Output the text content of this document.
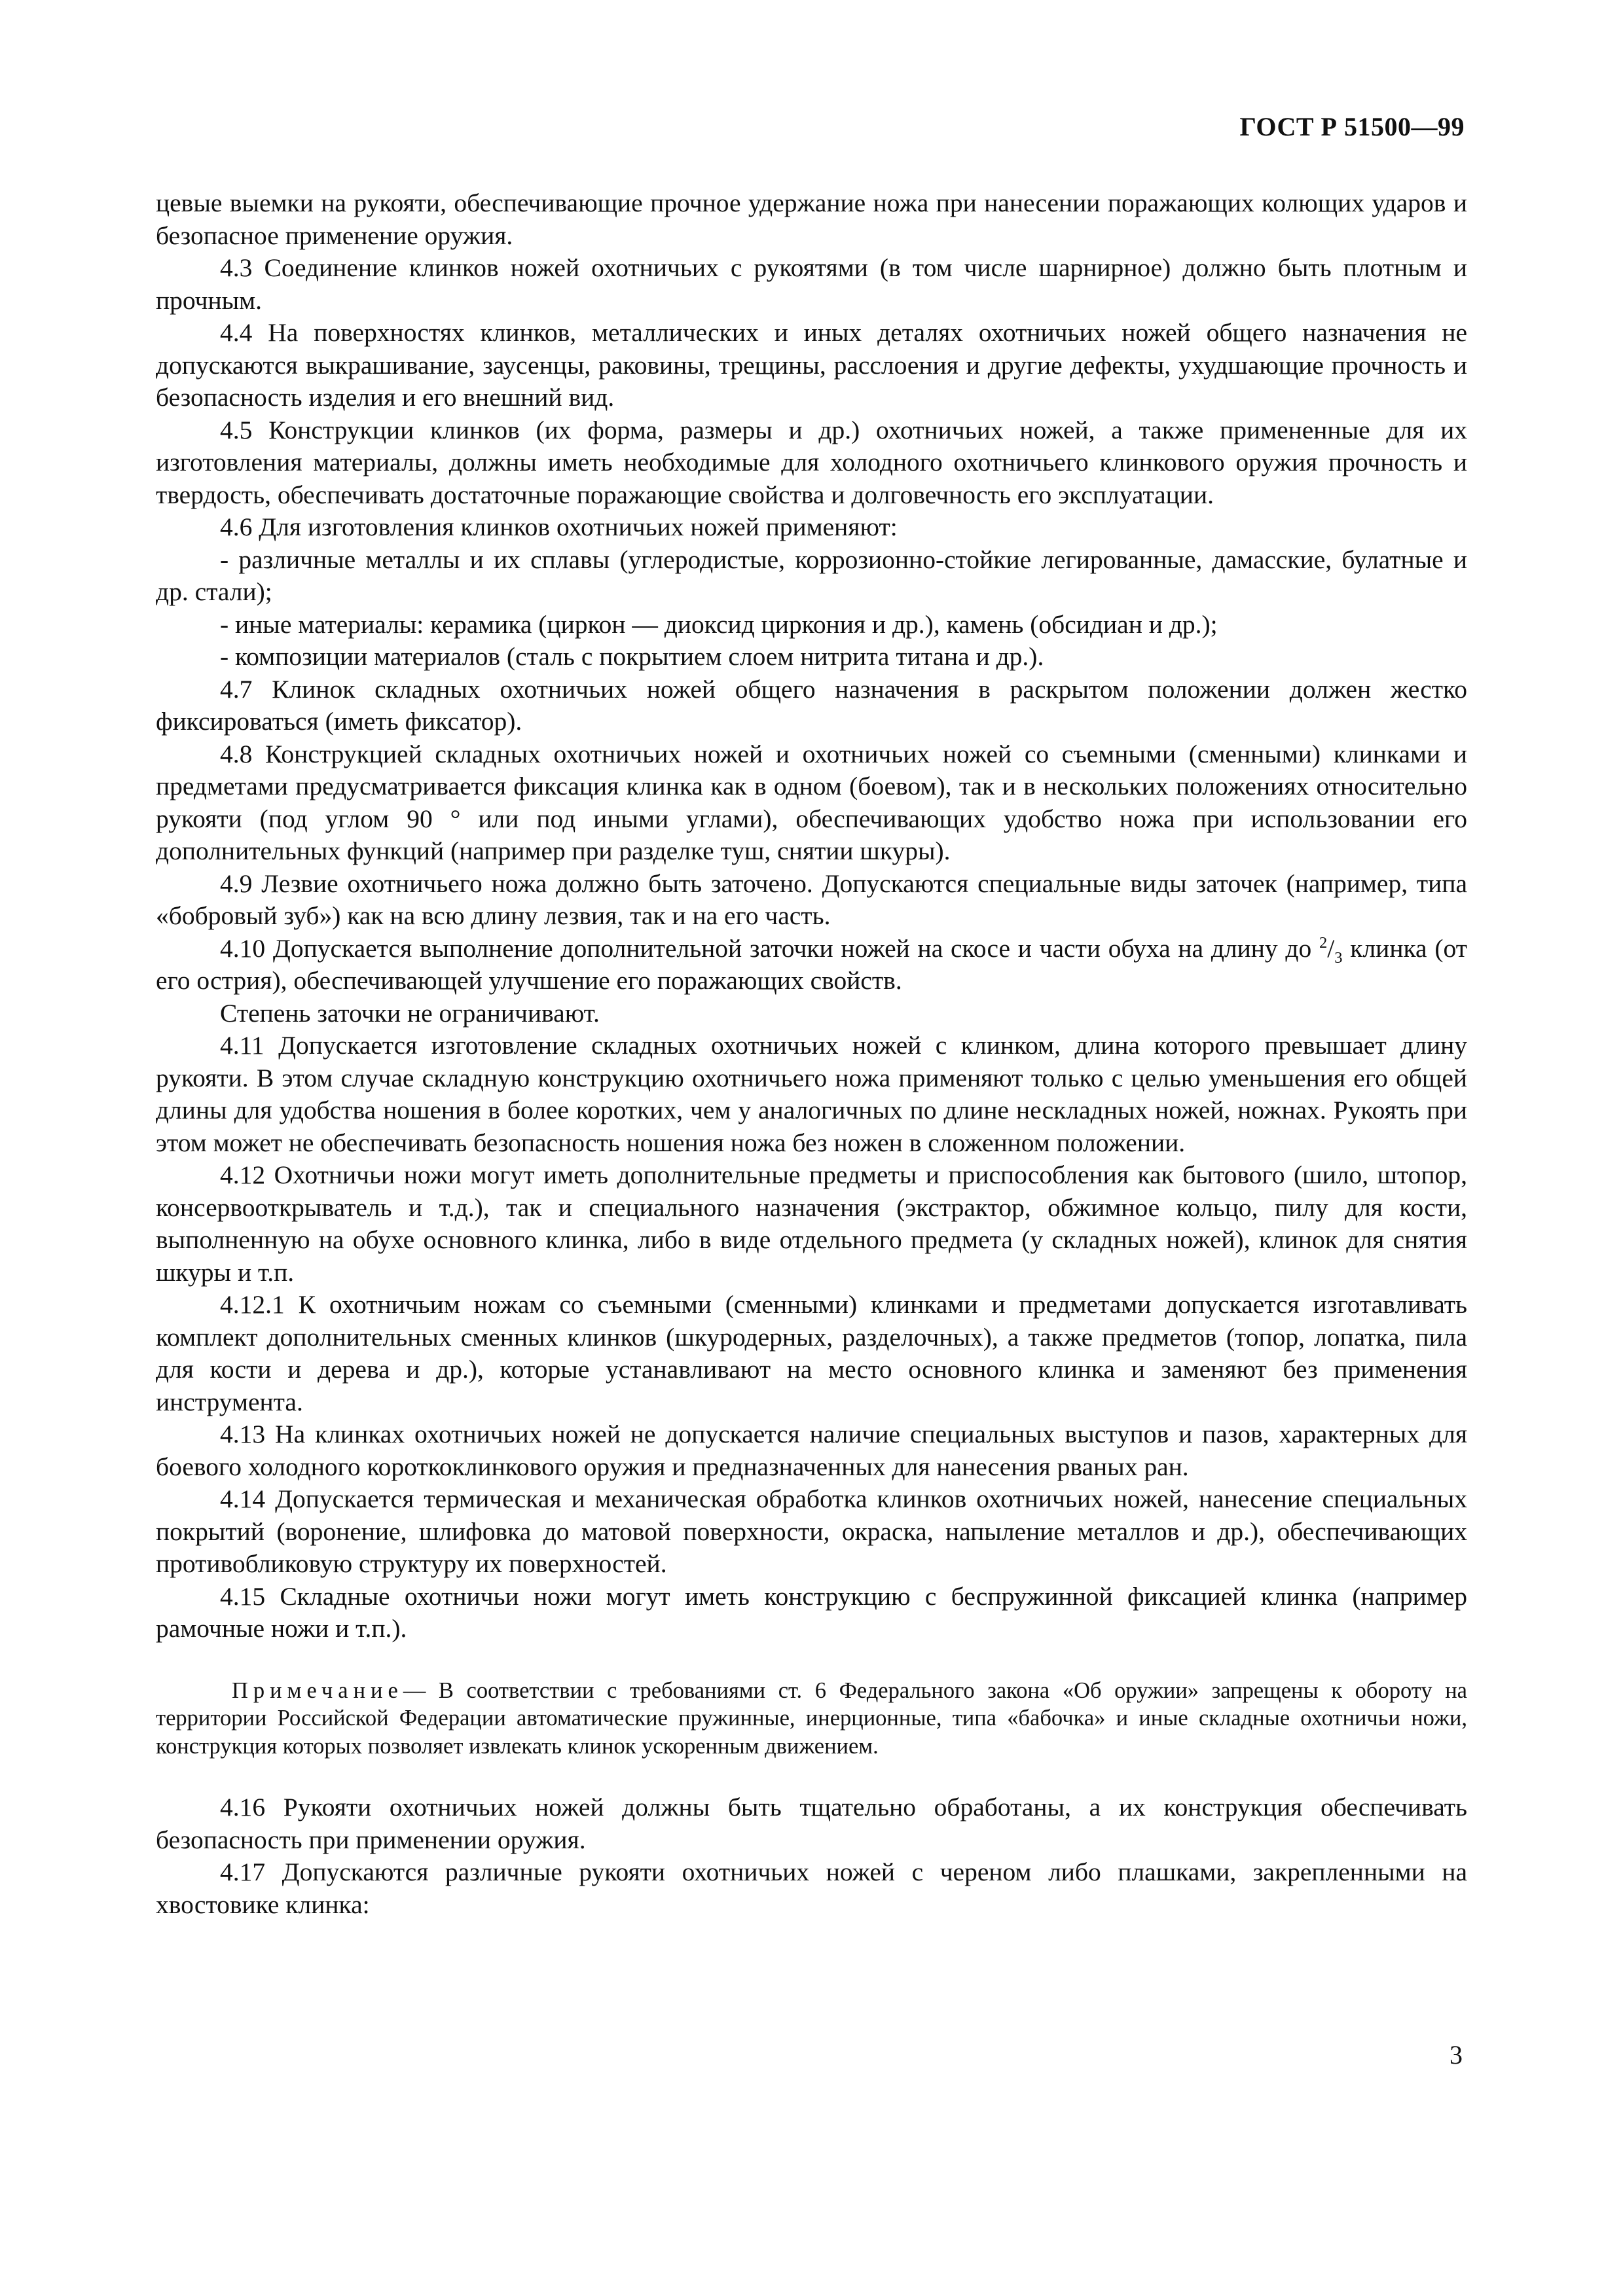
ГОСТ Р 51500—99

цевые выемки на рукояти, обеспечивающие прочное удержание ножа при нанесении поражающих колющих ударов и безопасное применение оружия.

4.3 Соединение клинков ножей охотничьих с рукоятями (в том числе шарнирное) должно быть плотным и прочным.

4.4 На поверхностях клинков, металлических и иных деталях охотничьих ножей общего назначения не допускаются выкрашивание, заусенцы, раковины, трещины, расслоения и другие дефекты, ухудшающие прочность и безопасность изделия и его внешний вид.

4.5 Конструкции клинков (их форма, размеры и др.) охотничьих ножей, а также примененные для их изготовления материалы, должны иметь необходимые для холодного охотничьего клинкового оружия прочность и твердость, обеспечивать достаточные поражающие свойства и долговечность его эксплуатации.

4.6 Для изготовления клинков охотничьих ножей применяют:

- различные металлы и их сплавы (углеродистые, коррозионно-стойкие легированные, дамасские, булатные и др. стали);

- иные материалы: керамика (циркон — диоксид циркония и др.), камень (обсидиан и др.);

- композиции материалов (сталь с покрытием слоем нитрита титана и др.).

4.7 Клинок складных охотничьих ножей общего назначения в раскрытом положении должен жестко фиксироваться (иметь фиксатор).

4.8 Конструкцией складных охотничьих ножей и охотничьих ножей со съемными (сменными) клинками и предметами предусматривается фиксация клинка как в одном (боевом), так и в нескольких положениях относительно рукояти (под углом 90 ° или под иными углами), обеспечивающих удобство ножа при использовании его дополнительных функций (например при разделке туш, снятии шкуры).

4.9 Лезвие охотничьего ножа должно быть заточено. Допускаются специальные виды заточек (например, типа «бобровый зуб») как на всю длину лезвия, так и на его часть.

4.10 Допускается выполнение дополнительной заточки ножей на скосе и части обуха на длину до $^2/_3$ клинка (от его острия), обеспечивающей улучшение его поражающих свойств.

Степень заточки не ограничивают.

4.11 Допускается изготовление складных охотничьих ножей с клинком, длина которого превышает длину рукояти. В этом случае складную конструкцию охотничьего ножа применяют только с целью уменьшения его общей длины для удобства ношения в более коротких, чем у аналогичных по длине нескладных ножей, ножнах. Рукоять при этом может не обеспечивать безопасность ношения ножа без ножен в сложенном положении.

4.12 Охотничьи ножи могут иметь дополнительные предметы и приспособления как бытового (шило, штопор, консервооткрыватель и т.д.), так и специального назначения (экстрактор, обжимное кольцо, пилу для кости, выполненную на обухе основного клинка, либо в виде отдельного предмета (у складных ножей), клинок для снятия шкуры и т.п.

4.12.1 К охотничьим ножам со съемными (сменными) клинками и предметами допускается изготавливать комплект дополнительных сменных клинков (шкуродерных, разделочных), а также предметов (топор, лопатка, пила для кости и дерева и др.), которые устанавливают на место основного клинка и заменяют без применения инструмента.

4.13 На клинках охотничьих ножей не допускается наличие специальных выступов и пазов, характерных для боевого холодного короткоклинкового оружия и предназначенных для нанесения рваных ран.

4.14 Допускается термическая и механическая обработка клинков охотничьих ножей, нанесение специальных покрытий (воронение, шлифовка до матовой поверхности, окраска, напыление металлов и др.), обеспечивающих противобликовую структуру их поверхностей.

4.15 Складные охотничьи ножи могут иметь конструкцию с беспружинной фиксацией клинка (например рамочные ножи и т.п.).

Примечание— В соответствии с требованиями ст. 6 Федерального закона «Об оружии» запрещены к обороту на территории Российской Федерации автоматические пружинные, инерционные, типа «бабочка» и иные складные охотничьи ножи, конструкция которых позволяет извлекать клинок ускоренным движением.

4.16 Рукояти охотничьих ножей должны быть тщательно обработаны, а их конструкция обеспечивать безопасность при применении оружия.

4.17 Допускаются различные рукояти охотничьих ножей с череном либо плашками, закрепленными на хвостовике клинка:

3
